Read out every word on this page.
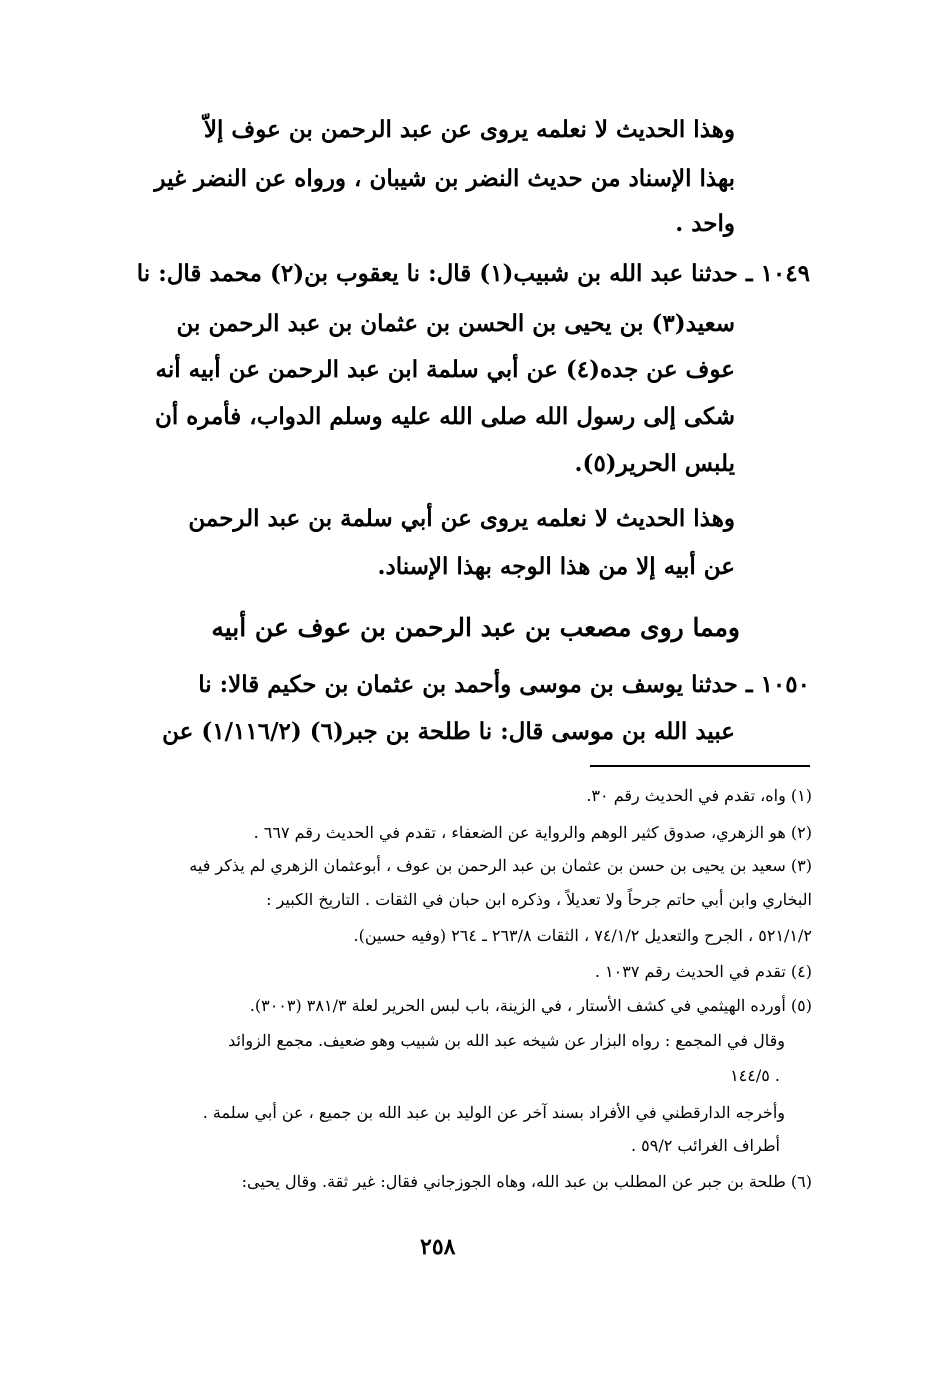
وهذا الحديث لا نعلمه يروى عن عبد الرحمن بن عوف إلاّ
بهذا الإسناد من حديث النضر بن شيبان ، ورواه عن النضر غير
واحد .
١٠٤٩ ـ حدثنا عبد الله بن شبيب(١) قال: نا يعقوب بن(٢) محمد قال: نا
سعيد(٣) بن يحيى بن الحسن بن عثمان بن عبد الرحمن بن
عوف عن جده(٤) عن أبي سلمة ابن عبد الرحمن عن أبيه أنه
شكى إلى رسول الله صلى الله عليه وسلم الدواب، فأمره أن
يلبس الحرير(٥).
وهذا الحديث لا نعلمه يروى عن أبي سلمة بن عبد الرحمن
عن أبيه إلا من هذا الوجه بهذا الإسناد.
ومما روى مصعب بن عبد الرحمن بن عوف عن أبيه
١٠٥٠ ـ حدثنا يوسف بن موسى وأحمد بن عثمان بن حكيم قالا: نا
عبيد الله بن موسى قال: نا طلحة بن جبر(٦) (١/١١٦/٢) عن
(١) واه، تقدم في الحديث رقم ٣٠.
(٢) هو الزهري، صدوق كثير الوهم والرواية عن الضعفاء ، تقدم في الحديث رقم ٦٦٧ .
(٣) سعيد بن يحيى بن حسن بن عثمان بن عبد الرحمن بن عوف ، أبوعثمان الزهري لم يذكر فيه
البخاري وابن أبي حاتم جرحاً ولا تعديلاً ، وذكره ابن حبان في الثقات . التاريخ الكبير :
٥٢١/١/٢ ، الجرح والتعديل ٧٤/١/٢ ، الثقات ٢٦٣/٨ ـ ٢٦٤ (وفيه حسين).
(٤) تقدم في الحديث رقم ١٠٣٧ .
(٥) أورده الهيثمي في كشف الأستار ، في الزينة، باب لبس الحرير لعلة ٣٨١/٣ (٣٠٠٣).
وقال في المجمع : رواه البزار عن شيخه عبد الله بن شبيب وهو ضعيف. مجمع الزوائد
١٤٤/٥ .
وأخرجه الدارقطني في الأفراد بسند آخر عن الوليد بن عبد الله بن جميع ، عن أبي سلمة .
أطراف الغرائب ٥٩/٢ .
(٦) طلحة بن جبر عن المطلب بن عبد الله، وهاه الجوزجاني فقال: غير ثقة. وقال يحيى:
٢٥٨
